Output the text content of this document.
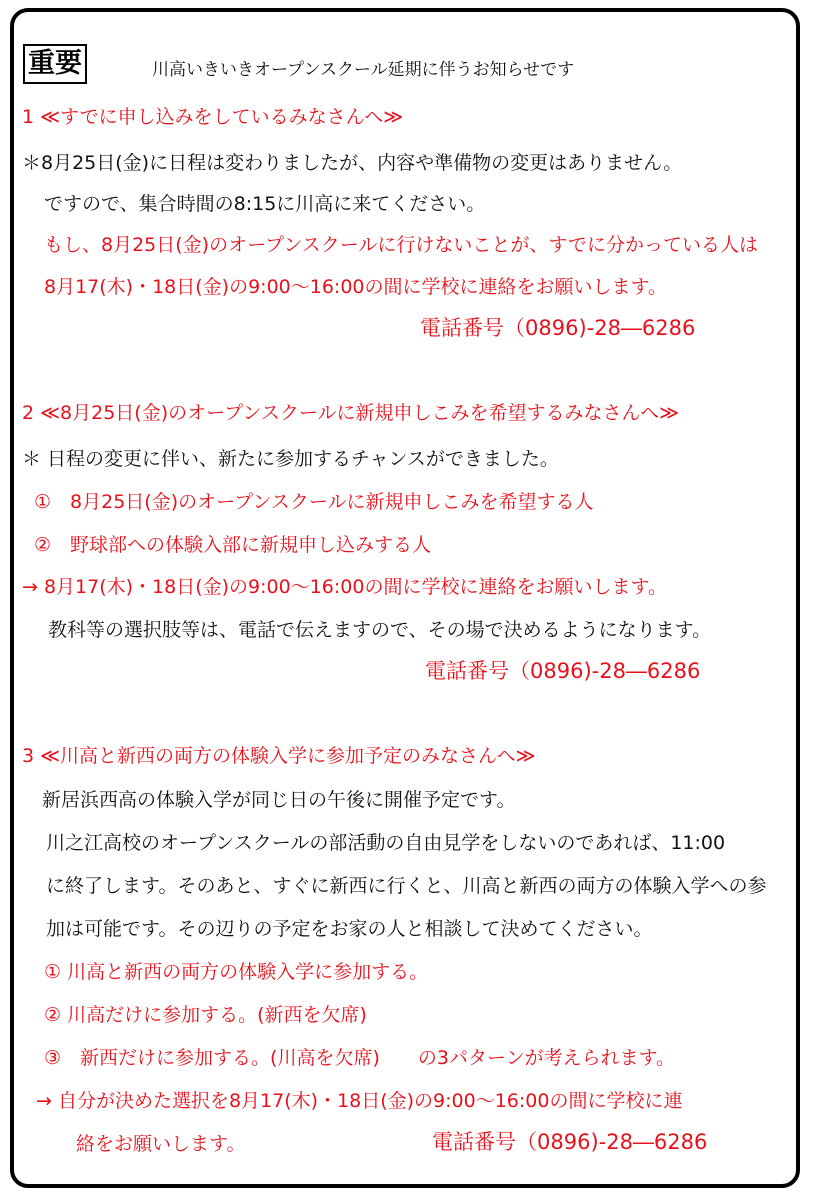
重要	川高いきいきオープンスクール延期に伴うお知らせです
1 ≪すでに申し込みをしているみなさんへ≫
＊8月25日(金)に日程は変わりましたが、内容や準備物の変更はありません。
ですので、集合時間の8:15に川高に来てください。
もし、8月25日(金)のオープンスクールに行けないことが、すでに分かっている人は
8月17(木)・18日(金)の9:00～16:00の間に学校に連絡をお願いします。
電話番号（0896)-28―6286
2 ≪8月25日(金)のオープンスクールに新規申しこみを希望するみなさんへ≫
＊ 日程の変更に伴い、新たに参加するチャンスができました。
①　8月25日(金)のオープンスクールに新規申しこみを希望する人
②　野球部への体験入部に新規申し込みする人
→ 8月17(木)・18日(金)の9:00～16:00の間に学校に連絡をお願いします。
教科等の選択肢等は、電話で伝えますので、その場で決めるようになります。
電話番号（0896)-28―6286
3 ≪川高と新西の両方の体験入学に参加予定のみなさんへ≫
新居浜西高の体験入学が同じ日の午後に開催予定です。
川之江高校のオープンスクールの部活動の自由見学をしないのであれば、11:00
に終了します。そのあと、すぐに新西に行くと、川高と新西の両方の体験入学への参
加は可能です。その辺りの予定をお家の人と相談して決めてください。
① 川高と新西の両方の体験入学に参加する。
② 川高だけに参加する。(新西を欠席)
③　新西だけに参加する。(川高を欠席)　　の3パターンが考えられます。
→ 自分が決めた選択を8月17(木)・18日(金)の9:00～16:00の間に学校に連
絡をお願いします。	電話番号（0896)-28―6286
